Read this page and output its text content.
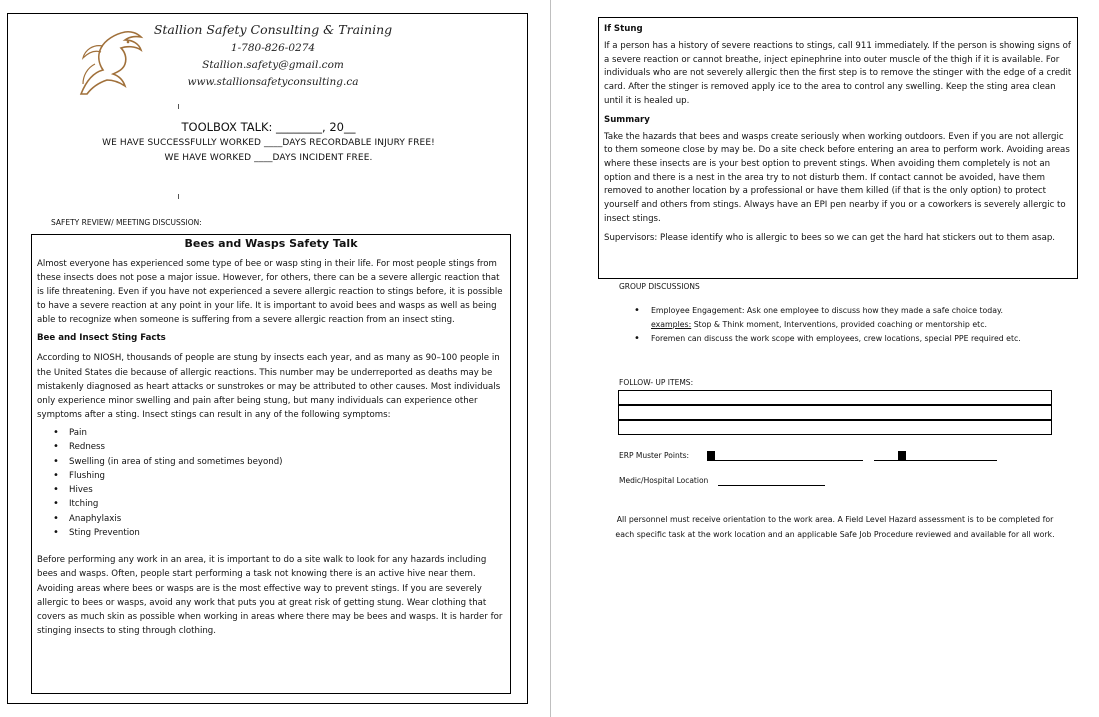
Stallion Safety Consulting & Training
1-780-826-0274
Stallion.safety@gmail.com
www.stallionsafetyconsulting.ca
TOOLBOX TALK: ________, 20__
WE HAVE SUCCESSFULLY WORKED ____DAYS RECORDABLE INJURY FREE!
WE HAVE WORKED ____DAYS INCIDENT FREE.
SAFETY REVIEW/ MEETING DISCUSSION:
Bees and Wasps Safety Talk

Almost everyone has experienced some type of bee or wasp sting in their life. For most people stings from these insects does not pose a major issue. However, for others, there can be a severe allergic reaction that is life threatening. Even if you have not experienced a severe allergic reaction to stings before, it is possible to have a severe reaction at any point in your life. It is important to avoid bees and wasps as well as being able to recognize when someone is suffering from a severe allergic reaction from an insect sting.

Bee and Insect Sting Facts

According to NIOSH, thousands of people are stung by insects each year, and as many as 90–100 people in the United States die because of allergic reactions. This number may be underreported as deaths may be mistakenly diagnosed as heart attacks or sunstrokes or may be attributed to other causes. Most individuals only experience minor swelling and pain after being stung, but many individuals can experience other symptoms after a sting. Insect stings can result in any of the following symptoms:

• Pain
• Redness
• Swelling (in area of sting and sometimes beyond)
• Flushing
• Hives
• Itching
• Anaphylaxis
• Sting Prevention

Before performing any work in an area, it is important to do a site walk to look for any hazards including bees and wasps. Often, people start performing a task not knowing there is an active hive near them. Avoiding areas where bees or wasps are is the most effective way to prevent stings. If you are severely allergic to bees or wasps, avoid any work that puts you at great risk of getting stung. Wear clothing that covers as much skin as possible when working in areas where there may be bees and wasps. It is harder for stinging insects to sting through clothing.

If Stung

If a person has a history of severe reactions to stings, call 911 immediately. If the person is showing signs of a severe reaction or cannot breathe, inject epinephrine into outer muscle of the thigh if it is available. For individuals who are not severely allergic then the first step is to remove the stinger with the edge of a credit card. After the stinger is removed apply ice to the area to control any swelling. Keep the sting area clean until it is healed up.

Summary

Take the hazards that bees and wasps create seriously when working outdoors. Even if you are not allergic to them someone close by may be. Do a site check before entering an area to perform work. Avoiding areas where these insects are is your best option to prevent stings. When avoiding them completely is not an option and there is a nest in the area try to not disturb them. If contact cannot be avoided, have them removed to another location by a professional or have them killed (if that is the only option) to protect yourself and others from stings. Always have an EPI pen nearby if you or a coworkers is severely allergic to insect stings.

Supervisors: Please identify who is allergic to bees so we can get the hard hat stickers out to them asap.

GROUP DISCUSSIONS
• Employee Engagement: Ask one employee to discuss how they made a safe choice today.
examples: Stop & Think moment, Interventions, provided coaching or mentorship etc.
• Foremen can discuss the work scope with employees, crew locations, special PPE required etc.
FOLLOW- UP ITEMS:
ERP Muster Points:
Medic/Hospital Location
All personnel must receive orientation to the work area. A Field Level Hazard assessment is to be completed for each specific task at the work location and an applicable Safe Job Procedure reviewed and available for all work.
